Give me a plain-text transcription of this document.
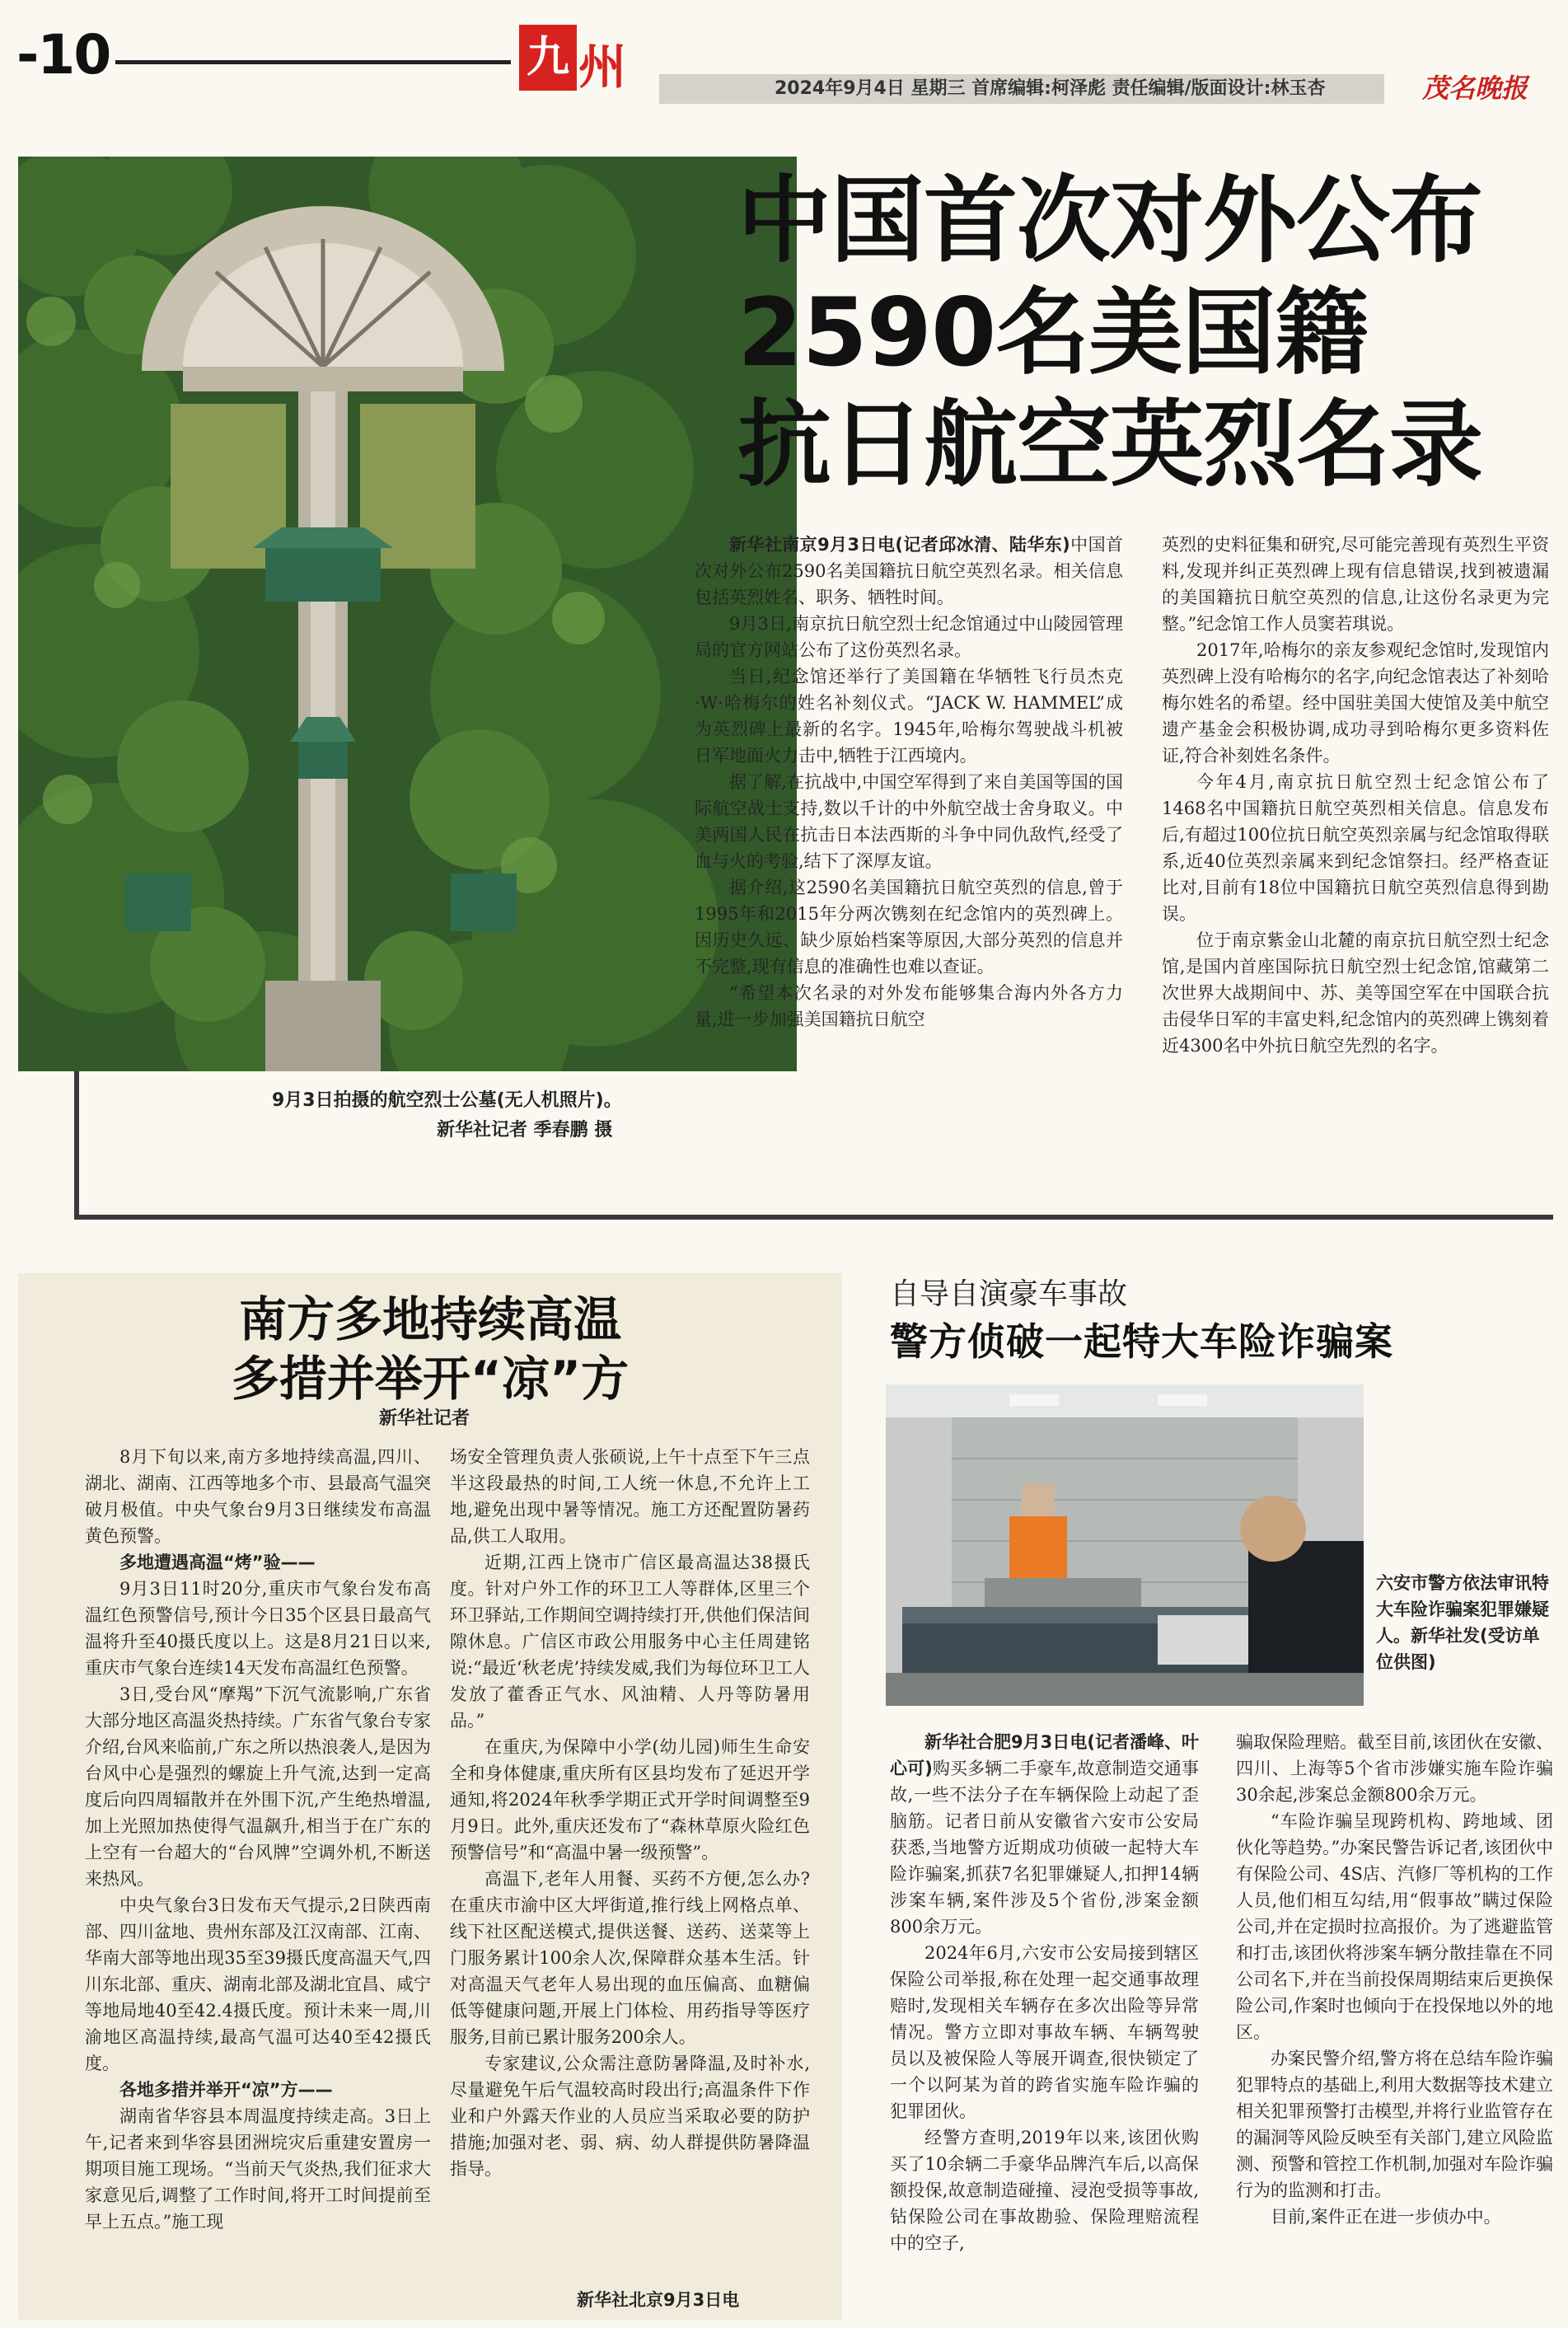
-10	九 州	2024年9月4日 星期三 首席编辑:柯泽彪 责任编辑/版面设计:林玉杏	茂名晚报
中国首次对外公布
2590名美国籍
抗日航空英烈名录
9月3日拍摄的航空烈士公墓(无人机照片)。
新华社记者 季春鹏 摄

新华社南京9月3日电(记者邱冰清、陆华东)中国首次对外公布2590名美国籍抗日航空英烈名录。相关信息包括英烈姓名、职务、牺牲时间。

9月3日,南京抗日航空烈士纪念馆通过中山陵园管理局的官方网站公布了这份英烈名录。

当日,纪念馆还举行了美国籍在华牺牲飞行员杰克·W·哈梅尔的姓名补刻仪式。“JACK W. HAMMEL”成为英烈碑上最新的名字。1945年,哈梅尔驾驶战斗机被日军地面火力击中,牺牲于江西境内。

据了解,在抗战中,中国空军得到了来自美国等国的国际航空战士支持,数以千计的中外航空战士舍身取义。中美两国人民在抗击日本法西斯的斗争中同仇敌忾,经受了血与火的考验,结下了深厚友谊。

据介绍,这2590名美国籍抗日航空英烈的信息,曾于1995年和2015年分两次镌刻在纪念馆内的英烈碑上。因历史久远、缺少原始档案等原因,大部分英烈的信息并不完整,现有信息的准确性也难以查证。

“希望本次名录的对外发布能够集合海内外各方力量,进一步加强美国籍抗日航空

英烈的史料征集和研究,尽可能完善现有英烈生平资料,发现并纠正英烈碑上现有信息错误,找到被遗漏的美国籍抗日航空英烈的信息,让这份名录更为完整。”纪念馆工作人员窦若琪说。

2017年,哈梅尔的亲友参观纪念馆时,发现馆内英烈碑上没有哈梅尔的名字,向纪念馆表达了补刻哈梅尔姓名的希望。经中国驻美国大使馆及美中航空遗产基金会积极协调,成功寻到哈梅尔更多资料佐证,符合补刻姓名条件。

今年4月,南京抗日航空烈士纪念馆公布了1468名中国籍抗日航空英烈相关信息。信息发布后,有超过100位抗日航空英烈亲属与纪念馆取得联系,近40位英烈亲属来到纪念馆祭扫。经严格查证比对,目前有18位中国籍抗日航空英烈信息得到勘误。

位于南京紫金山北麓的南京抗日航空烈士纪念馆,是国内首座国际抗日航空烈士纪念馆,馆藏第二次世界大战期间中、苏、美等国空军在中国联合抗击侵华日军的丰富史料,纪念馆内的英烈碑上镌刻着近4300名中外抗日航空先烈的名字。

南方多地持续高温
多措并举开“凉”方
新华社记者

8月下旬以来,南方多地持续高温,四川、湖北、湖南、江西等地多个市、县最高气温突破月极值。中央气象台9月3日继续发布高温黄色预警。

多地遭遇高温“烤”验——

9月3日11时20分,重庆市气象台发布高温红色预警信号,预计今日35个区县日最高气温将升至40摄氏度以上。这是8月21日以来,重庆市气象台连续14天发布高温红色预警。

3日,受台风“摩羯”下沉气流影响,广东省大部分地区高温炎热持续。广东省气象台专家介绍,台风来临前,广东之所以热浪袭人,是因为台风中心是强烈的螺旋上升气流,达到一定高度后向四周辐散并在外围下沉,产生绝热增温,加上光照加热使得气温飙升,相当于在广东的上空有一台超大的“台风牌”空调外机,不断送来热风。

中央气象台3日发布天气提示,2日陕西南部、四川盆地、贵州东部及江汉南部、江南、华南大部等地出现35至39摄氏度高温天气,四川东北部、重庆、湖南北部及湖北宜昌、咸宁等地局地40至42.4摄氏度。预计未来一周,川渝地区高温持续,最高气温可达40至42摄氏度。

各地多措并举开“凉”方——

湖南省华容县本周温度持续走高。3日上午,记者来到华容县团洲垸灾后重建安置房一期项目施工现场。“当前天气炎热,我们征求大家意见后,调整了工作时间,将开工时间提前至早上五点。”施工现

场安全管理负责人张硕说,上午十点至下午三点半这段最热的时间,工人统一休息,不允许上工地,避免出现中暑等情况。施工方还配置防暑药品,供工人取用。

近期,江西上饶市广信区最高温达38摄氏度。针对户外工作的环卫工人等群体,区里三个环卫驿站,工作期间空调持续打开,供他们保洁间隙休息。广信区市政公用服务中心主任周建铭说:“最近‘秋老虎’持续发威,我们为每位环卫工人发放了藿香正气水、风油精、人丹等防暑用品。”

在重庆,为保障中小学(幼儿园)师生生命安全和身体健康,重庆所有区县均发布了延迟开学通知,将2024年秋季学期正式开学时间调整至9月9日。此外,重庆还发布了“森林草原火险红色预警信号”和“高温中暑一级预警”。

高温下,老年人用餐、买药不方便,怎么办?在重庆市渝中区大坪街道,推行线上网格点单、线下社区配送模式,提供送餐、送药、送菜等上门服务累计100余人次,保障群众基本生活。针对高温天气老年人易出现的血压偏高、血糖偏低等健康问题,开展上门体检、用药指导等医疗服务,目前已累计服务200余人。

专家建议,公众需注意防暑降温,及时补水,尽量避免午后气温较高时段出行;高温条件下作业和户外露天作业的人员应当采取必要的防护措施;加强对老、弱、病、幼人群提供防暑降温指导。

新华社北京9月3日电
自导自演豪车事故
警方侦破一起特大车险诈骗案
六安市警方依法审讯特大车险诈骗案犯罪嫌疑人。新华社发(受访单位供图)

新华社合肥9月3日电(记者潘峰、叶心可)购买多辆二手豪车,故意制造交通事故,一些不法分子在车辆保险上动起了歪脑筋。记者日前从安徽省六安市公安局获悉,当地警方近期成功侦破一起特大车险诈骗案,抓获7名犯罪嫌疑人,扣押14辆涉案车辆,案件涉及5个省份,涉案金额800余万元。

2024年6月,六安市公安局接到辖区保险公司举报,称在处理一起交通事故理赔时,发现相关车辆存在多次出险等异常情况。警方立即对事故车辆、车辆驾驶员以及被保险人等展开调查,很快锁定了一个以阿某为首的跨省实施车险诈骗的犯罪团伙。

经警方查明,2019年以来,该团伙购买了10余辆二手豪华品牌汽车后,以高保额投保,故意制造碰撞、浸泡受损等事故,钻保险公司在事故勘验、保险理赔流程中的空子,

骗取保险理赔。截至目前,该团伙在安徽、四川、上海等5个省市涉嫌实施车险诈骗30余起,涉案总金额800余万元。

“车险诈骗呈现跨机构、跨地域、团伙化等趋势。”办案民警告诉记者,该团伙中有保险公司、4S店、汽修厂等机构的工作人员,他们相互勾结,用“假事故”瞒过保险公司,并在定损时拉高报价。为了逃避监管和打击,该团伙将涉案车辆分散挂靠在不同公司名下,并在当前投保周期结束后更换保险公司,作案时也倾向于在投保地以外的地区。

办案民警介绍,警方将在总结车险诈骗犯罪特点的基础上,利用大数据等技术建立相关犯罪预警打击模型,并将行业监管存在的漏洞等风险反映至有关部门,建立风险监测、预警和管控工作机制,加强对车险诈骗行为的监测和打击。

目前,案件正在进一步侦办中。
